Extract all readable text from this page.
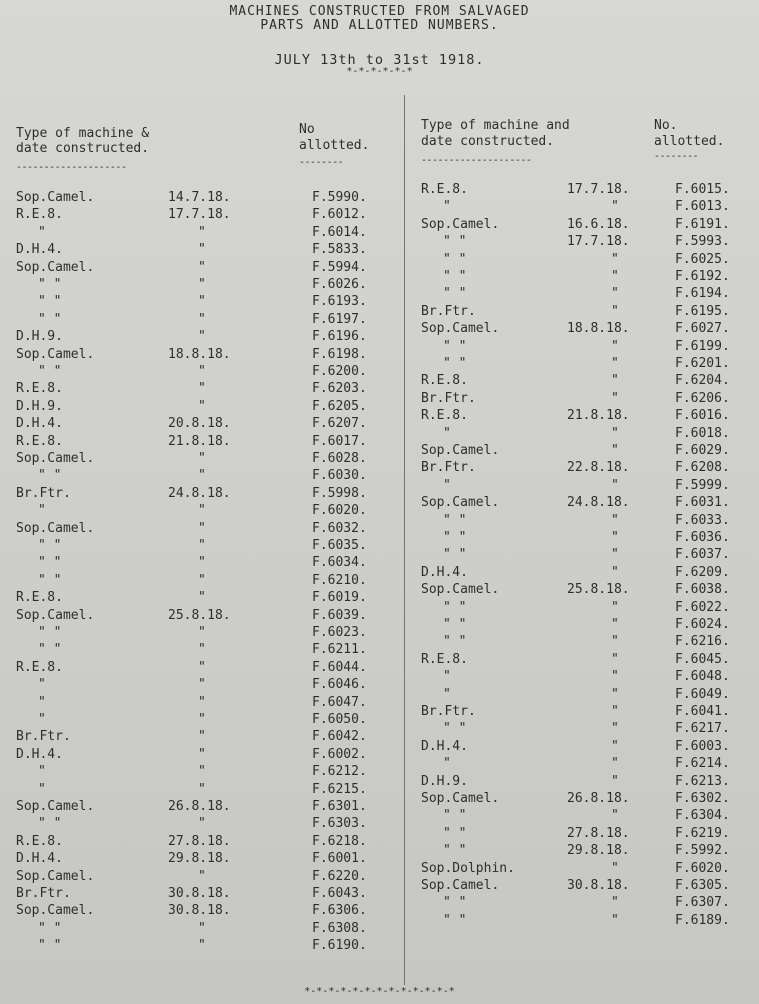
MACHINES CONSTRUCTED FROM SALVAGED
PARTS AND ALLOTTED NUMBERS.
JULY 13th to 31st 1918.
*-*-*-*-*-*
Type of machine &
date constructed.
--------------------
No
allotted.
--------
Type of machine and
date constructed.
--------------------
No.
allotted.
--------
Sop.Camel.	14.7.18.	F.5990.
R.E.8.	17.7.18.	F.6012.
"	"	F.6014.
D.H.4.	"	F.5833.
Sop.Camel.	"	F.5994.
" "	"	F.6026.
" "	"	F.6193.
" "	"	F.6197.
D.H.9.	"	F.6196.
Sop.Camel.	18.8.18.	F.6198.
" "	"	F.6200.
R.E.8.	"	F.6203.
D.H.9.	"	F.6205.
D.H.4.	20.8.18.	F.6207.
R.E.8.	21.8.18.	F.6017.
Sop.Camel.	"	F.6028.
" "	"	F.6030.
Br.Ftr.	24.8.18.	F.5998.
"	"	F.6020.
Sop.Camel.	"	F.6032.
" "	"	F.6035.
" "	"	F.6034.
" "	"	F.6210.
R.E.8.	"	F.6019.
Sop.Camel.	25.8.18.	F.6039.
" "	"	F.6023.
" "	"	F.6211.
R.E.8.	"	F.6044.
"	"	F.6046.
"	"	F.6047.
"	"	F.6050.
Br.Ftr.	"	F.6042.
D.H.4.	"	F.6002.
"	"	F.6212.
"	"	F.6215.
Sop.Camel.	26.8.18.	F.6301.
" "	"	F.6303.
R.E.8.	27.8.18.	F.6218.
D.H.4.	29.8.18.	F.6001.
Sop.Camel.	"	F.6220.
Br.Ftr.	30.8.18.	F.6043.
Sop.Camel.	30.8.18.	F.6306.
" "	"	F.6308.
" "	"	F.6190.
R.E.8.	17.7.18.	F.6015.
"	"	F.6013.
Sop.Camel.	16.6.18.	F.6191.
" "	17.7.18.	F.5993.
" "	"	F.6025.
" "	"	F.6192.
" "	"	F.6194.
Br.Ftr.	"	F.6195.
Sop.Camel.	18.8.18.	F.6027.
" "	"	F.6199.
" "	"	F.6201.
R.E.8.	"	F.6204.
Br.Ftr.	"	F.6206.
R.E.8.	21.8.18.	F.6016.
"	"	F.6018.
Sop.Camel.	"	F.6029.
Br.Ftr.	22.8.18.	F.6208.
"	"	F.5999.
Sop.Camel.	24.8.18.	F.6031.
" "	"	F.6033.
" "	"	F.6036.
" "	"	F.6037.
D.H.4.	"	F.6209.
Sop.Camel.	25.8.18.	F.6038.
" "	"	F.6022.
" "	"	F.6024.
" "	"	F.6216.
R.E.8.	"	F.6045.
"	"	F.6048.
"	"	F.6049.
Br.Ftr.	"	F.6041.
" "	"	F.6217.
D.H.4.	"	F.6003.
"	"	F.6214.
D.H.9.	"	F.6213.
Sop.Camel.	26.8.18.	F.6302.
" "	"	F.6304.
" "	27.8.18.	F.6219.
" "	29.8.18.	F.5992.
Sop.Dolphin.	"	F.6020.
Sop.Camel.	30.8.18.	F.6305.
" "	"	F.6307.
" "	"	F.6189.
*-*-*-*-*-*-*-*-*-*-*-*-*
